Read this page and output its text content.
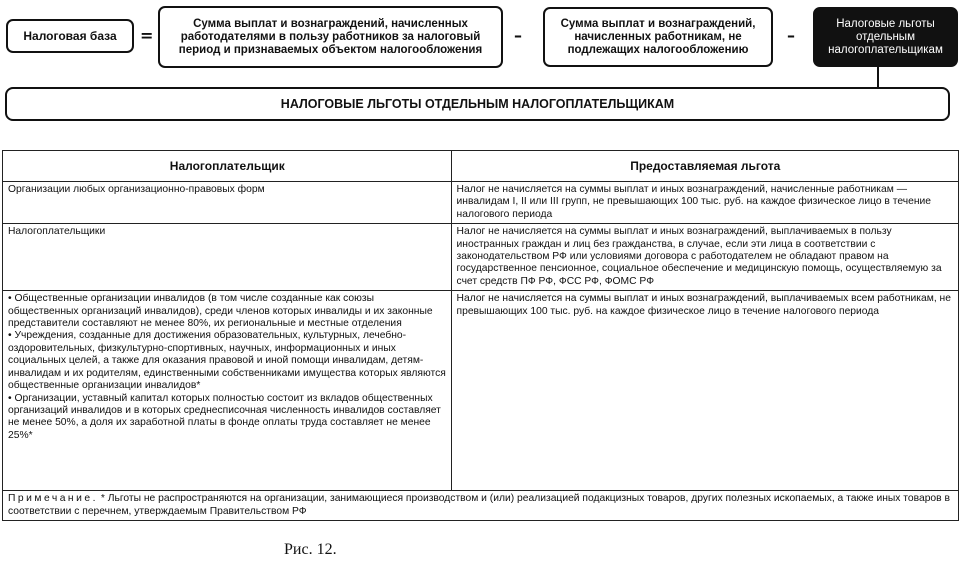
Налоговая база =
Сумма выплат и вознаграждений, начисленных работодателями в пользу работников за налоговый период и признаваемых объектом налогообложения
–
Сумма выплат и вознаграждений, начисленных работникам, не подлежащих налогообложению
–
Налоговые льготы отдельным налогоплательщикам
НАЛОГОВЫЕ ЛЬГОТЫ ОТДЕЛЬНЫМ НАЛОГОПЛАТЕЛЬЩИКАМ
Налогоплательщик	Предоставляемая льгота
Организации любых организационно-правовых форм	Налог не начисляется на суммы выплат и иных вознаграждений, начисленные работникам — инвалидам I, II или III групп, не превышающих 100 тыс. руб. на каждое физическое лицо в течение налогового периода
Налогоплательщики	Налог не начисляется на суммы выплат и иных вознаграждений, выплачиваемых в пользу иностранных граждан и лиц без гражданства, в случае, если эти лица в соответствии с законодательством РФ или условиями договора с работодателем не обладают правом на государственное пенсионное, социальное обеспечение и медицинскую помощь, осуществляемую за счет средств ПФ РФ, ФСС РФ, ФОМС РФ

• Общественные организации инвалидов (в том числе созданные как союзы общественных организаций инвалидов), среди членов которых инвалиды и их законные представители составляют не менее 80%, их региональные и местные отделения
• Учреждения, созданные для достижения образовательных, культурных, лечебно-оздоровительных, физкультурно-спортивных, научных, информационных и иных социальных целей, а также для оказания правовой и иной помощи инвалидам, детям-инвалидам и их родителям, единственными собственниками имущества которых являются общественные организации инвалидов*
• Организации, уставный капитал которых полностью состоит из вкладов общественных организаций инвалидов и в которых среднесписочная численность инвалидов составляет не менее 50%, а доля их заработной платы в фонде оплаты труда составляет не менее 25%*	Налог не начисляется на суммы выплат и иных вознаграждений, выплачиваемых всем работникам, не превышающих 100 тыс. руб. на каждое физическое лицо в течение налогового периода
Примечание. * Льготы не распространяются на организации, занимающиеся производством и (или) реализацией подакцизных товаров, других полезных ископаемых, а также иных товаров в соответствии с перечнем, утверждаемым Правительством РФ	
Рис. 12.
